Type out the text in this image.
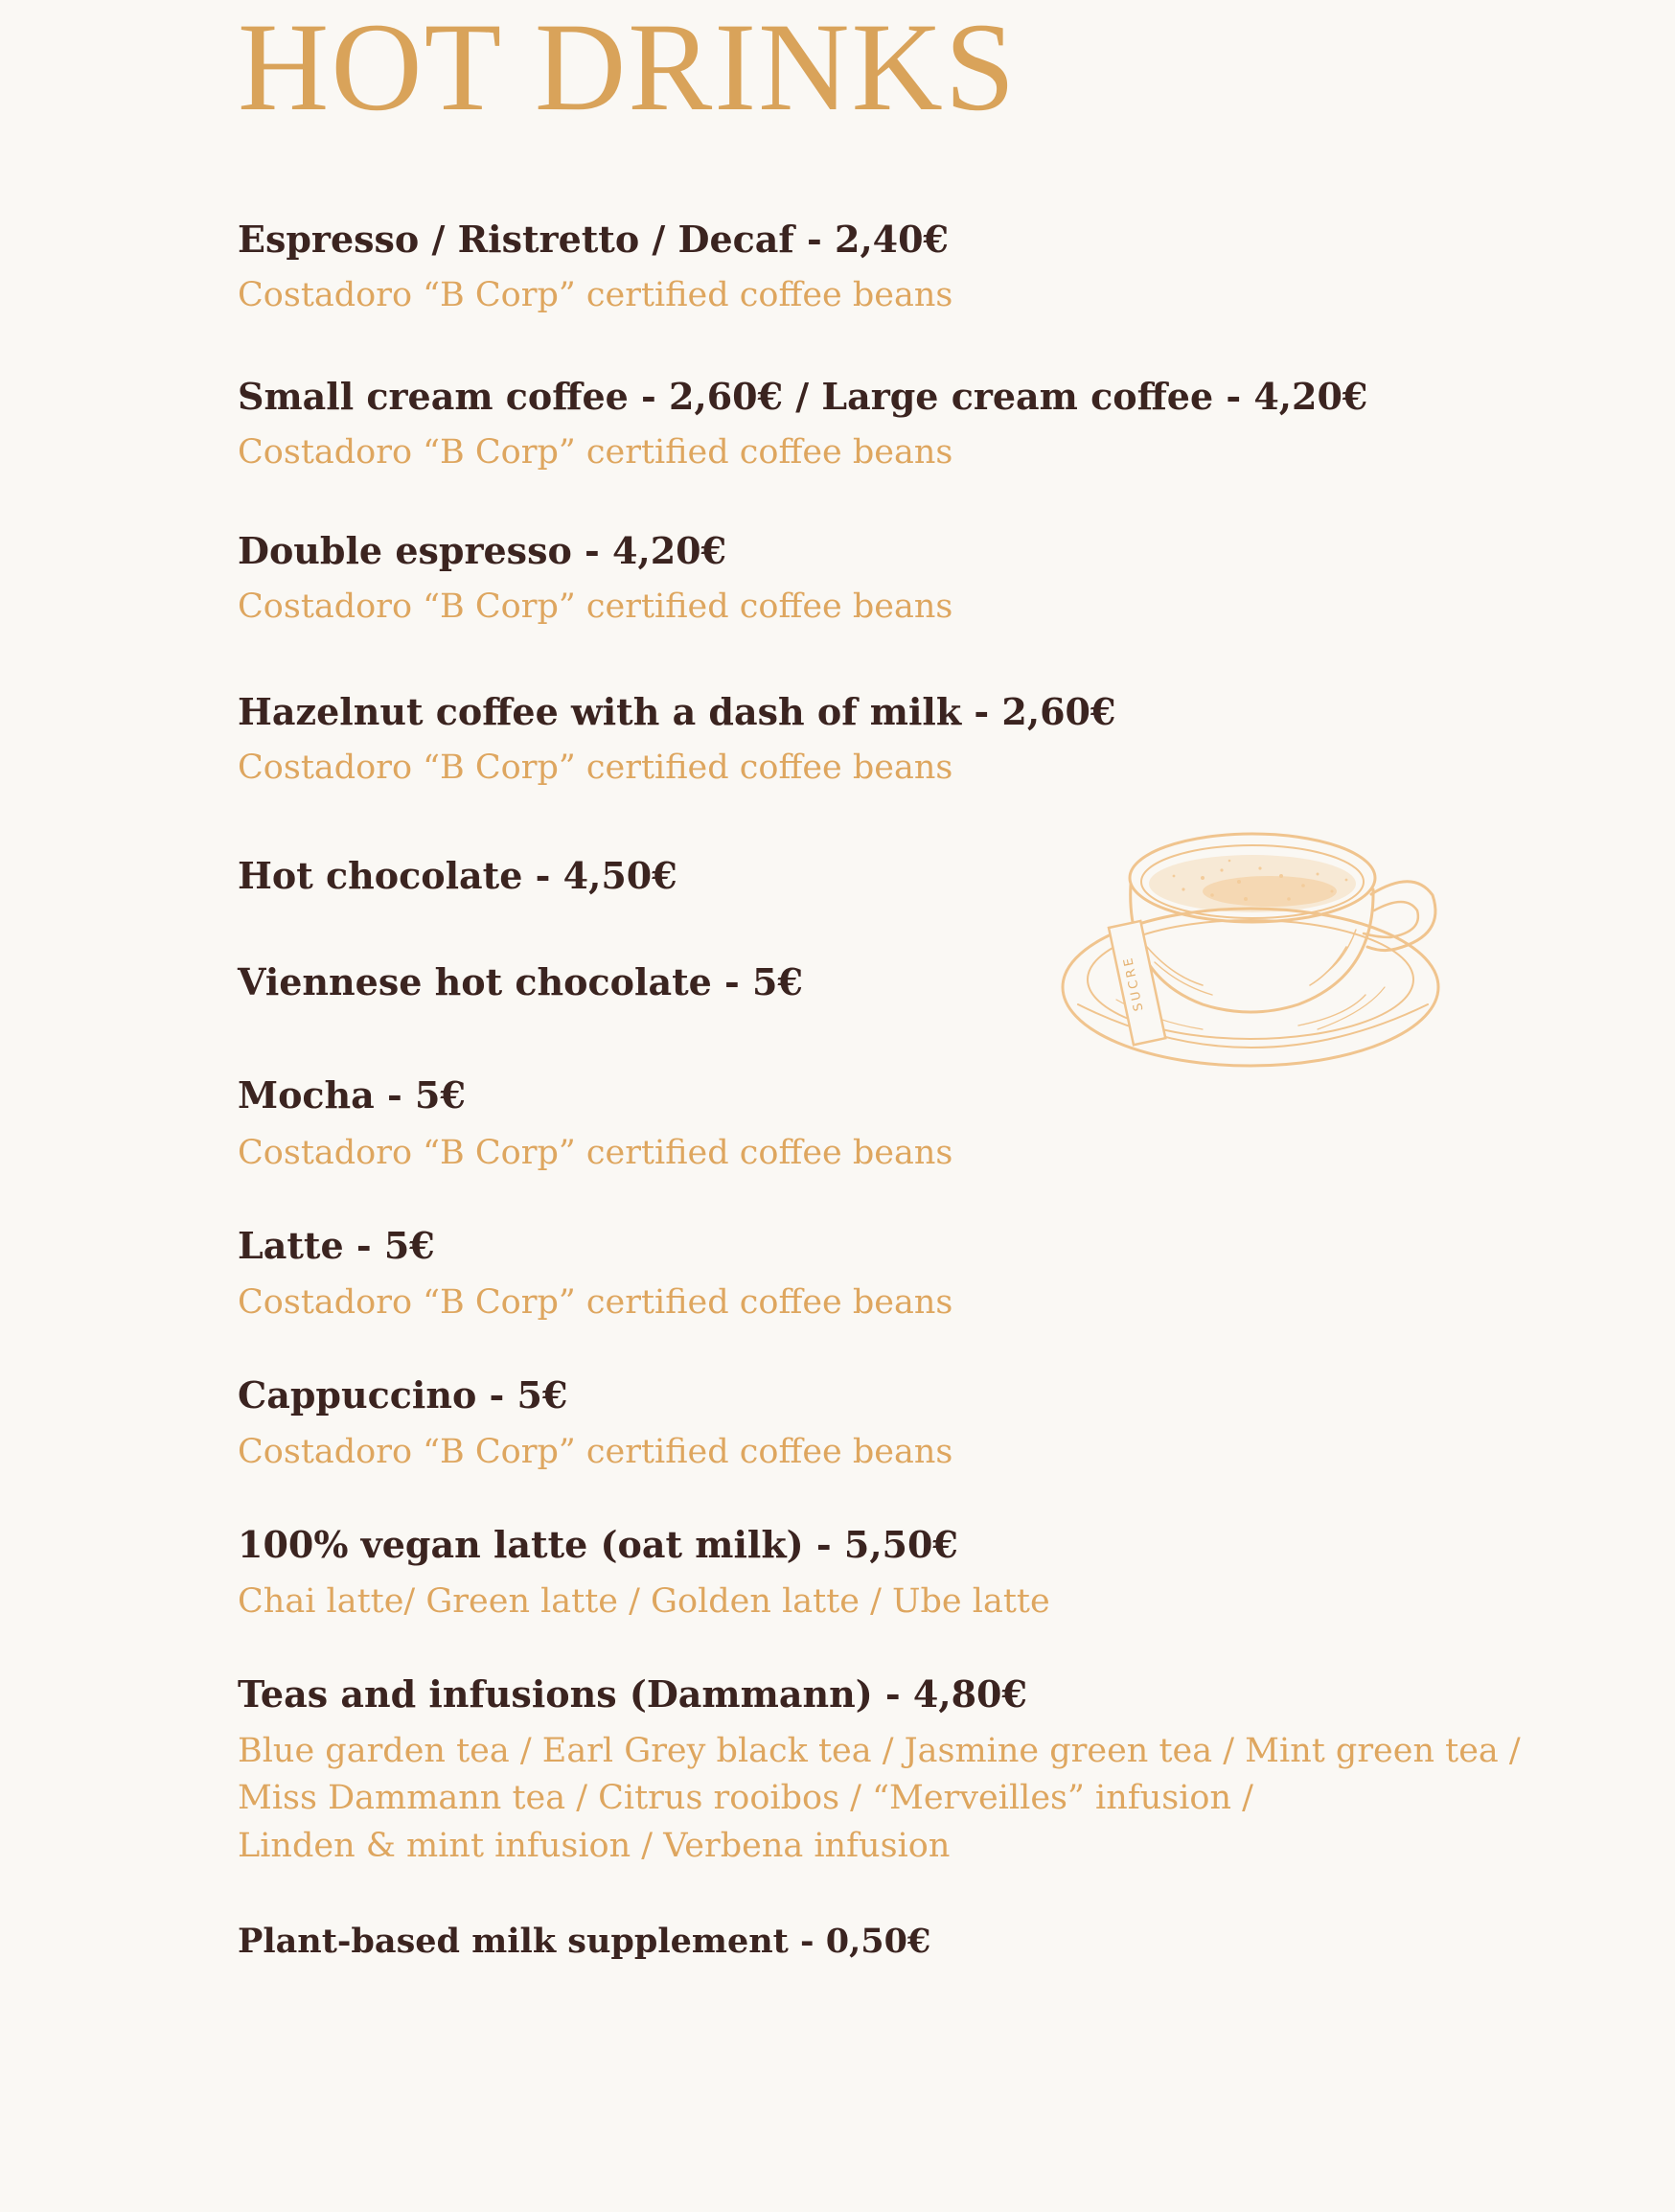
HOT DRINKS
Espresso / Ristretto / Decaf - 2,40€
Costadoro “B Corp” certified coffee beans
Small cream coffee - 2,60€ / Large cream coffee - 4,20€
Costadoro “B Corp” certified coffee beans
Double espresso - 4,20€
Costadoro “B Corp” certified coffee beans
Hazelnut coffee with a dash of milk - 2,60€
Costadoro “B Corp” certified coffee beans
Hot chocolate - 4,50€
Viennese hot chocolate - 5€
Mocha - 5€
Costadoro “B Corp” certified coffee beans
Latte - 5€
Costadoro “B Corp” certified coffee beans
Cappuccino - 5€
Costadoro “B Corp” certified coffee beans
100% vegan latte (oat milk) - 5,50€
Chai latte/ Green latte / Golden latte / Ube latte
Teas and infusions (Dammann) - 4,80€
Blue garden tea / Earl Grey black tea / Jasmine green tea / Mint green tea /
Miss Dammann tea / Citrus rooibos / “Merveilles” infusion /
Linden & mint infusion / Verbena infusion
Plant-based milk supplement - 0,50€
SUCRE
